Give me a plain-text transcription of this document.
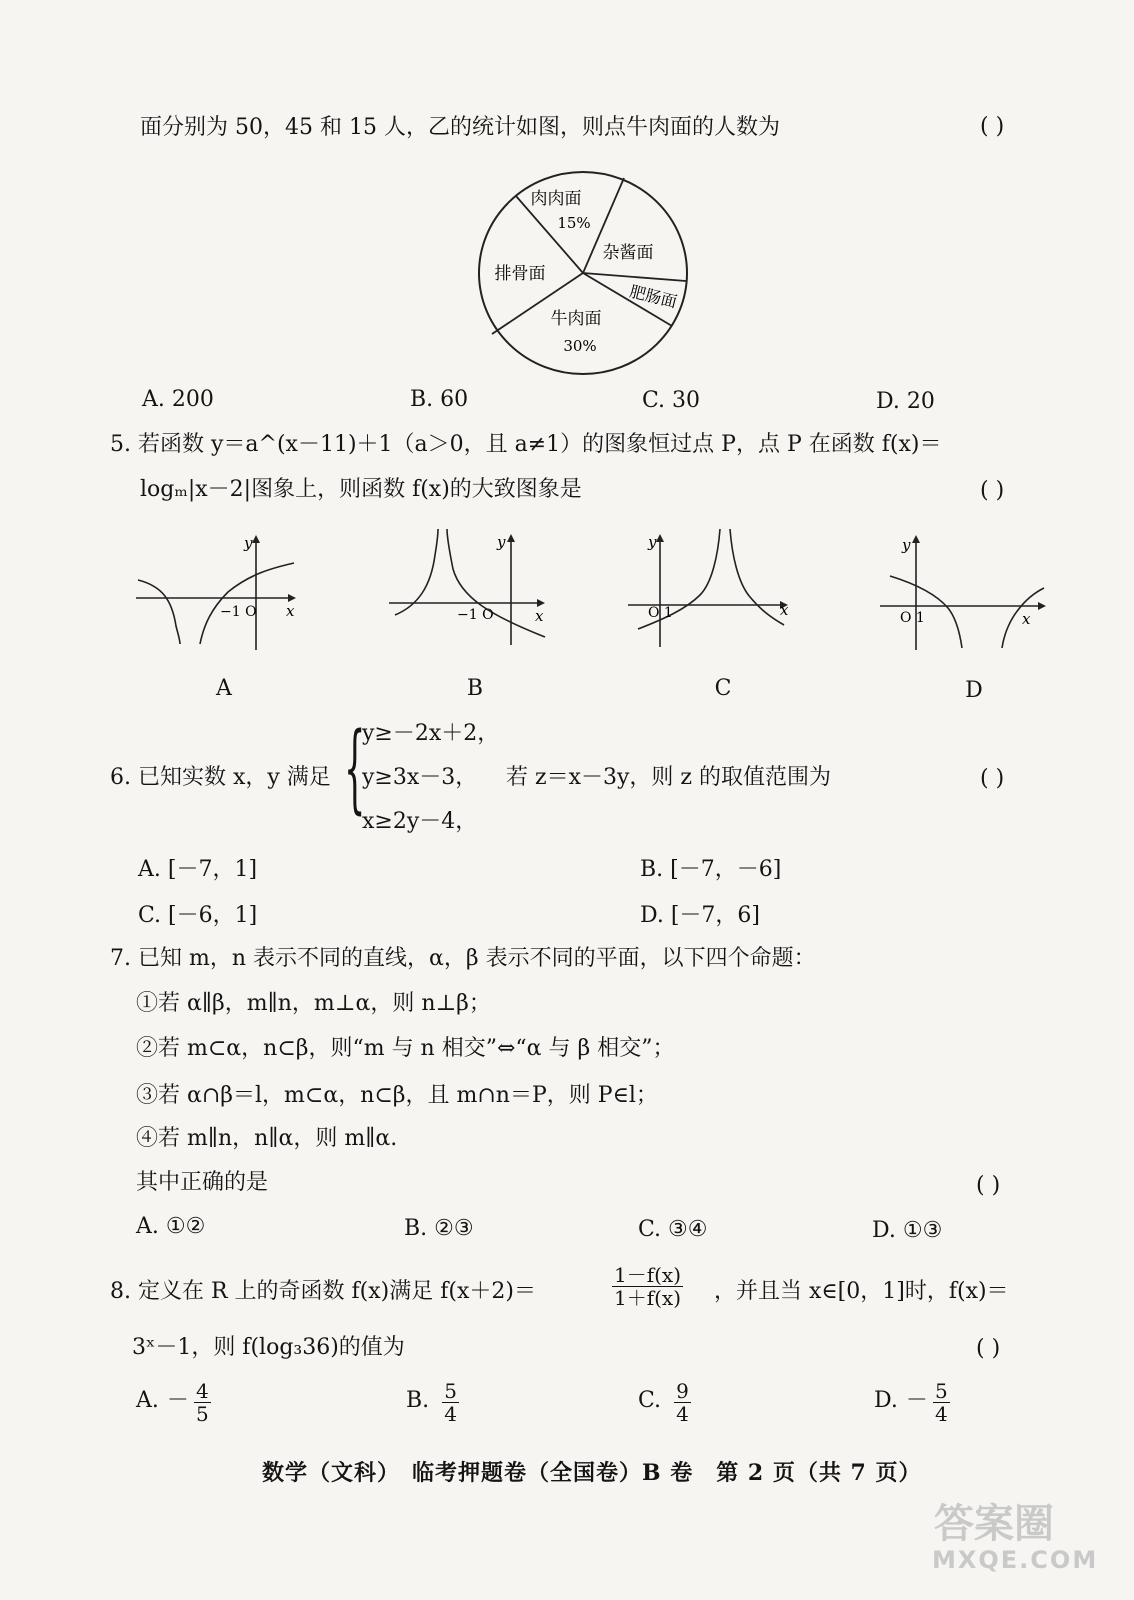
面分别为 50，45 和 15 人，乙的统计如图，则点牛肉面的人数为	( )
肉肉面
15%
杂酱面
肥肠面
牛肉面
30%
排骨面
A. 200	B. 60	C. 30	D. 20
5. 若函数 y＝a^(x－11)＋1（a＞0，且 a≠1）的图象恒过点 P，点 P 在函数 f(x)＝
logₘ|x－2|图象上，则函数 f(x)的大致图象是	( )
y
x
−1 O
A
y
x
−1 O
B
y
x
O 1
C
y
x
O 1
D
6. 已知实数 x，y 满足 {
y≥－2x＋2，
y≥3x－3，
x≥2y－4，
若 z＝x－3y，则 z 的取值范围为	( )
A. [－7，1]	B. [－7，－6]
C. [－6，1]	D. [－7，6]
7. 已知 m，n 表示不同的直线，α，β 表示不同的平面，以下四个命题：
①若 α∥β，m∥n，m⊥α，则 n⊥β；
②若 m⊂α，n⊂β，则“m 与 n 相交”⇔“α 与 β 相交”；
③若 α∩β＝l，m⊂α，n⊂β，且 m∩n＝P，则 P∈l；
④若 m∥n，n∥α，则 m∥α.
其中正确的是	( )
A. ①②	B. ②③	C. ③④	D. ①③
8. 定义在 R 上的奇函数 f(x)满足 f(x＋2)＝	$\frac{1-f(x)}{1+f(x)}$ ，并且当 x∈[0，1]时，f(x)＝
3ˣ－1，则 f(log₃36)的值为	( )
A. － $\frac{4}{5}$	B. $\frac{5}{4}$	C. $\frac{9}{4}$	D. － $\frac{5}{4}$
数学（文科）　临考押题卷（全国卷）B 卷　第 2 页（共 7 页）
答案圈
MXQE.COM
